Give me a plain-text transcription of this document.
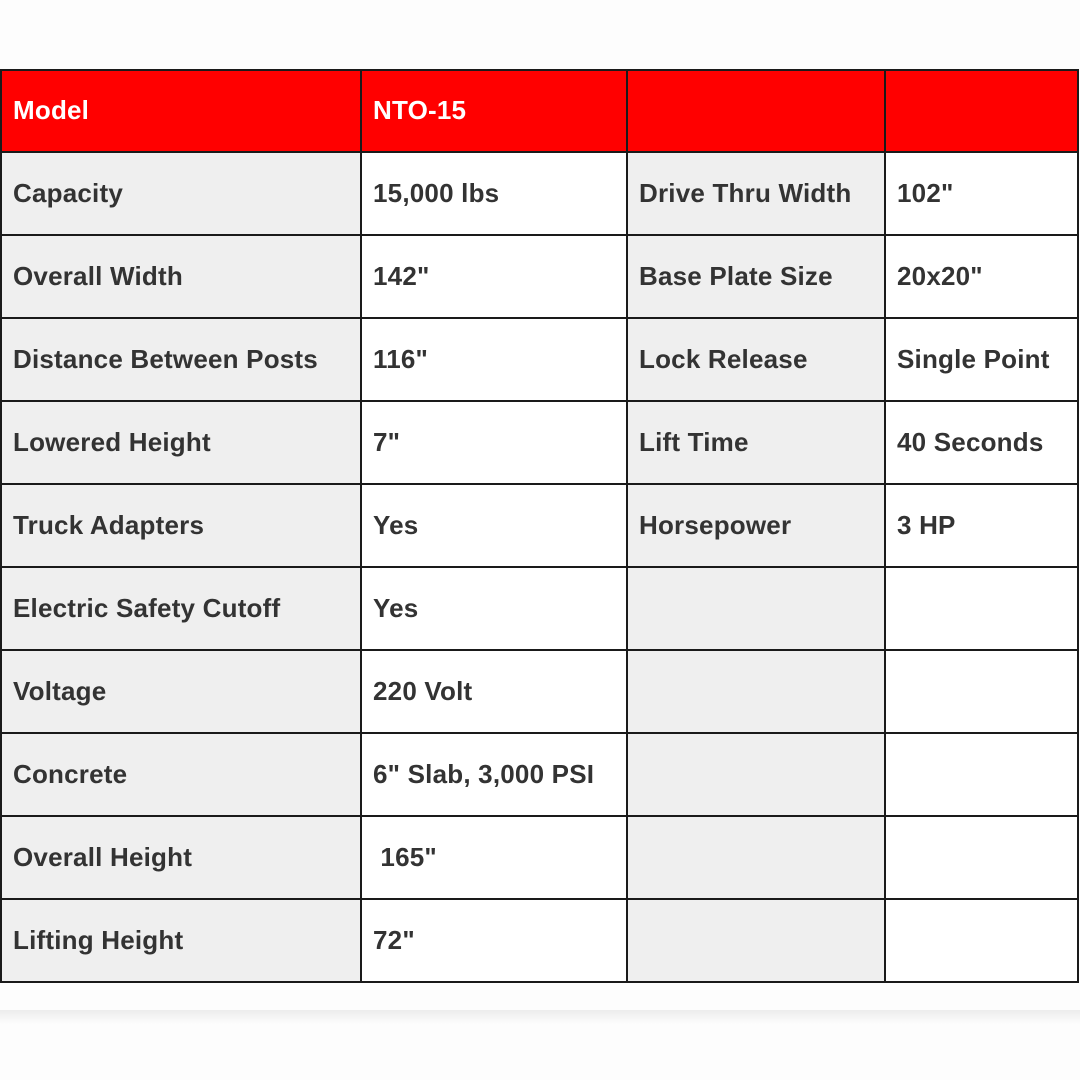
Model	NTO-15		
Capacity	15,000 lbs	Drive Thru Width	102"
Overall Width	142"	Base Plate Size	20x20"
Distance Between Posts	116"	Lock Release	Single Point
Lowered Height	7"	Lift Time	40 Seconds
Truck Adapters	Yes	Horsepower	3 HP
Electric Safety Cutoff	Yes		
Voltage	220 Volt		
Concrete	6" Slab, 3,000 PSI		
Overall Height	165"		
Lifting Height	72"		
